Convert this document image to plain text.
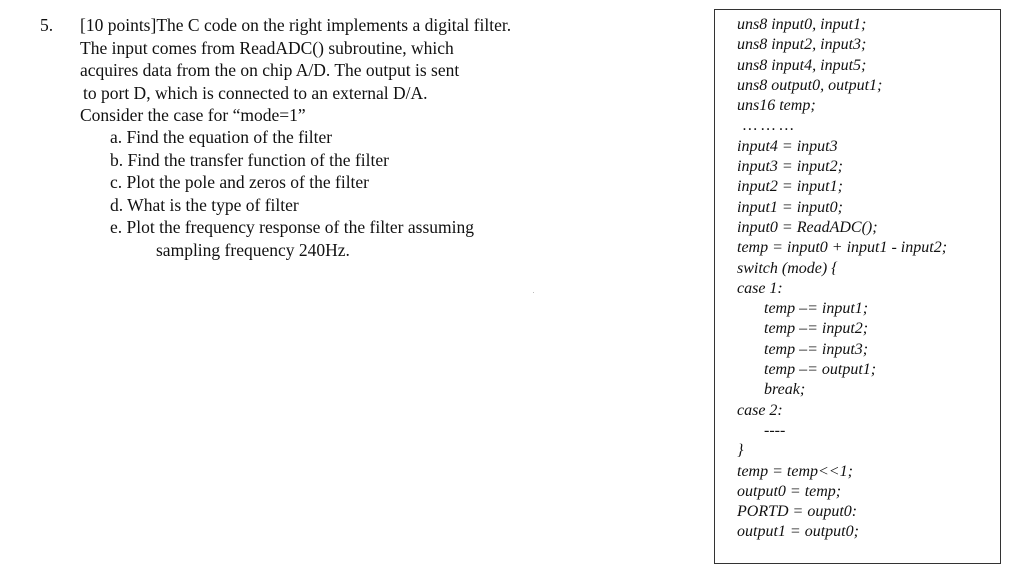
5. [10 points]The C code on the right implements a digital filter.
The input comes from ReadADC() subroutine, which
acquires data from the on chip A/D. The output is sent
to port D, which is connected to an external D/A.
Consider the case for “mode=1”
a. Find the equation of the filter
b. Find the transfer function of the filter
c. Plot the pole and zeros of the filter
d. What is the type of filter
e. Plot the frequency response of the filter assuming
sampling frequency 240Hz.
uns8 input0, input1;
uns8 input2, input3;
uns8 input4, input5;
uns8 output0, output1;
uns16 temp;
… … …
input4 = input3
input3 = input2;
input2 = input1;
input1 = input0;
input0 = ReadADC();
temp = input0 + input1 - input2;
switch (mode) {
case 1:
temp –= input1;
temp –= input2;
temp –= input3;
temp –= output1;
break;
case 2:
----
}
temp = temp<<1;
output0 = temp;
PORTD = ouput0:
output1 = output0;
